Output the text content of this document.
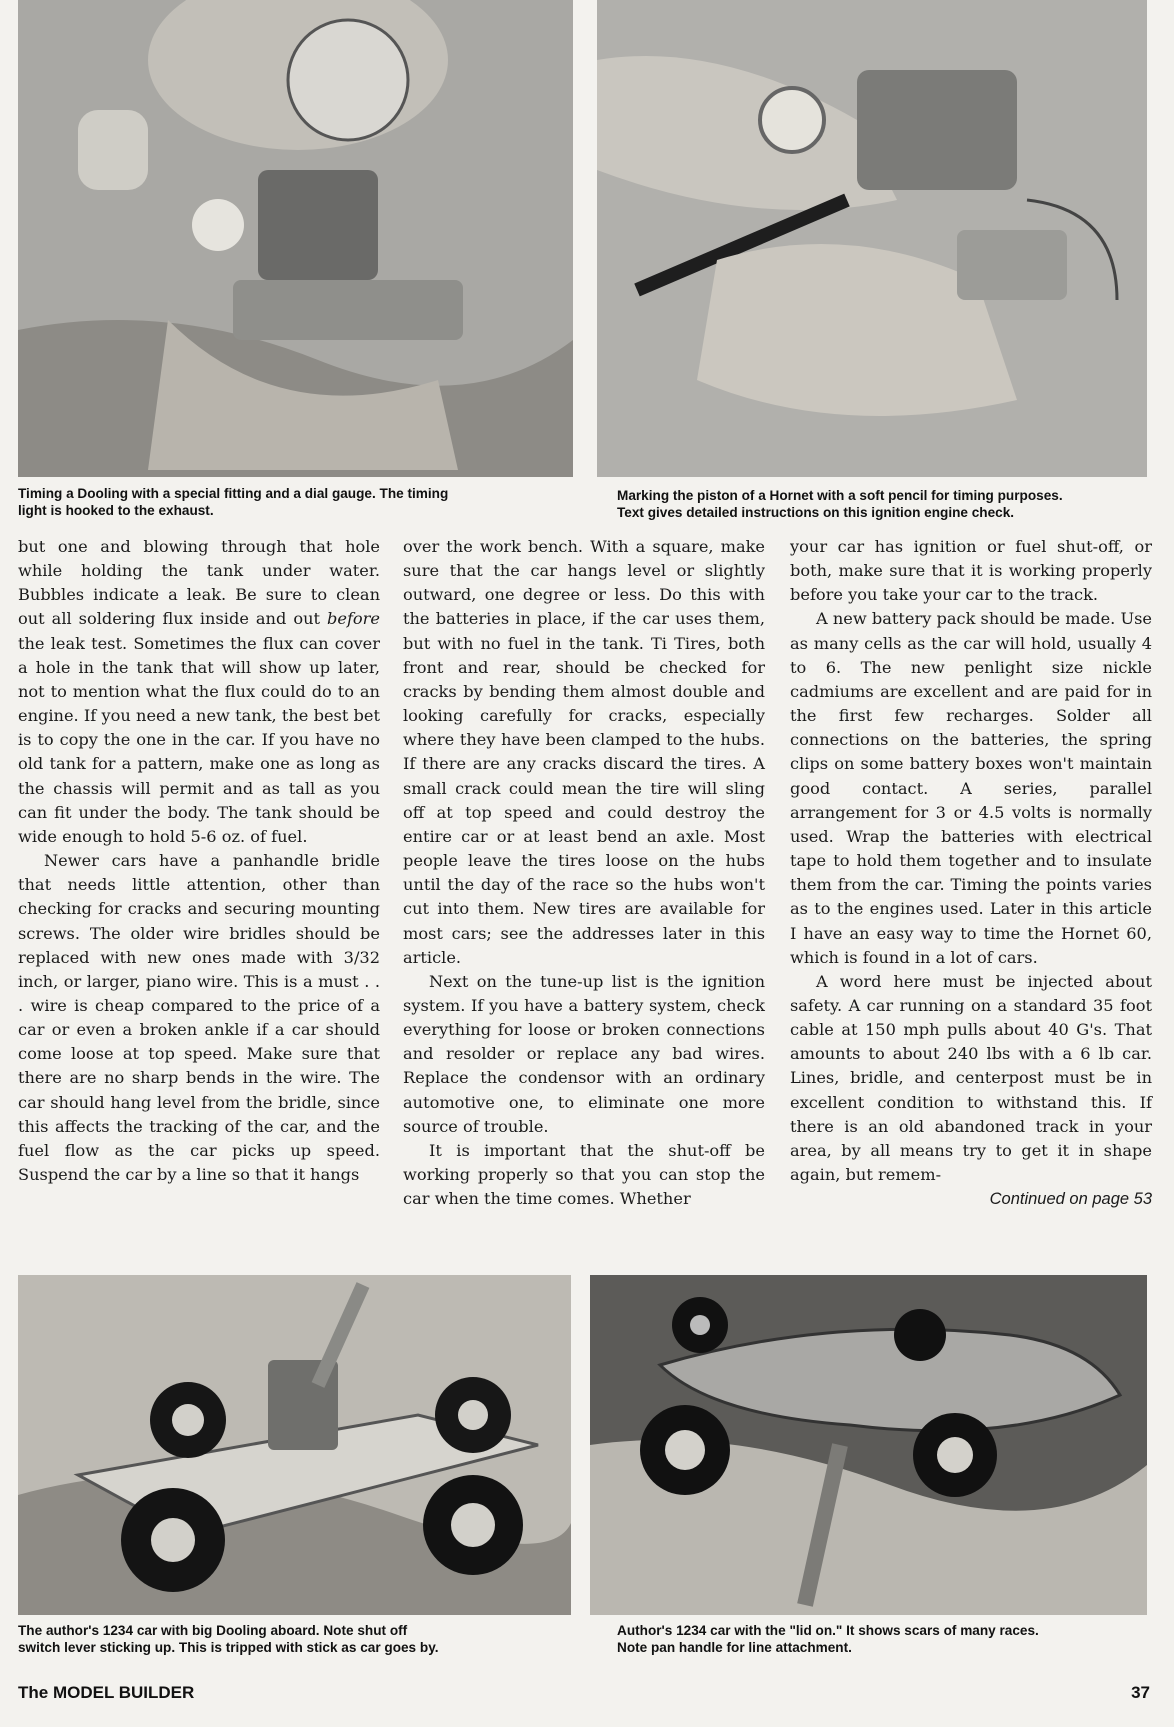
Timing a Dooling with a special fitting and a dial gauge. The timing
light is hooked to the exhaust.
Marking the piston of a Hornet with a soft pencil for timing purposes.
Text gives detailed instructions on this ignition engine check.

but one and blowing through that hole while holding the tank under water. Bubbles indicate a leak. Be sure to clean out all soldering flux inside and out before the leak test. Sometimes the flux can cover a hole in the tank that will show up later, not to mention what the flux could do to an engine. If you need a new tank, the best bet is to copy the one in the car. If you have no old tank for a pattern, make one as long as the chassis will permit and as tall as you can fit under the body. The tank should be wide enough to hold 5-6 oz. of fuel.

Newer cars have a panhandle bridle that needs little attention, other than checking for cracks and securing mounting screws. The older wire bridles should be replaced with new ones made with 3/32 inch, or larger, piano wire. This is a must . . . wire is cheap compared to the price of a car or even a broken ankle if a car should come loose at top speed. Make sure that there are no sharp bends in the wire. The car should hang level from the bridle, since this affects the tracking of the car, and the fuel flow as the car picks up speed. Suspend the car by a line so that it hangs

over the work bench. With a square, make sure that the car hangs level or slightly outward, one degree or less. Do this with the batteries in place, if the car uses them, but with no fuel in the tank. Ti Tires, both front and rear, should be checked for cracks by bending them almost double and looking carefully for cracks, especially where they have been clamped to the hubs. If there are any cracks discard the tires. A small crack could mean the tire will sling off at top speed and could destroy the entire car or at least bend an axle. Most people leave the tires loose on the hubs until the day of the race so the hubs won't cut into them. New tires are available for most cars; see the addresses later in this article.

Next on the tune-up list is the ignition system. If you have a battery system, check everything for loose or broken connections and resolder or replace any bad wires. Replace the condensor with an ordinary automotive one, to eliminate one more source of trouble.

It is important that the shut-off be working properly so that you can stop the car when the time comes. Whether

your car has ignition or fuel shut-off, or both, make sure that it is working properly before you take your car to the track.

A new battery pack should be made. Use as many cells as the car will hold, usually 4 to 6. The new penlight size nickle cadmiums are excellent and are paid for in the first few recharges. Solder all connections on the batteries, the spring clips on some battery boxes won't maintain good contact. A series, parallel arrangement for 3 or 4.5 volts is normally used. Wrap the batteries with electrical tape to hold them together and to insulate them from the car. Timing the points varies as to the engines used. Later in this article I have an easy way to time the Hornet 60, which is found in a lot of cars.

A word here must be injected about safety. A car running on a standard 35 foot cable at 150 mph pulls about 40 G's. That amounts to about 240 lbs with a 6 lb car. Lines, bridle, and centerpost must be in excellent condition to withstand this. If there is an old abandoned track in your area, by all means try to get it in shape again, but remem-

Continued on page 53

The author's 1234 car with big Dooling aboard. Note shut off
switch lever sticking up. This is tripped with stick as car goes by.
Author's 1234 car with the "lid on." It shows scars of many races.
Note pan handle for line attachment.
The MODEL BUILDER	37
